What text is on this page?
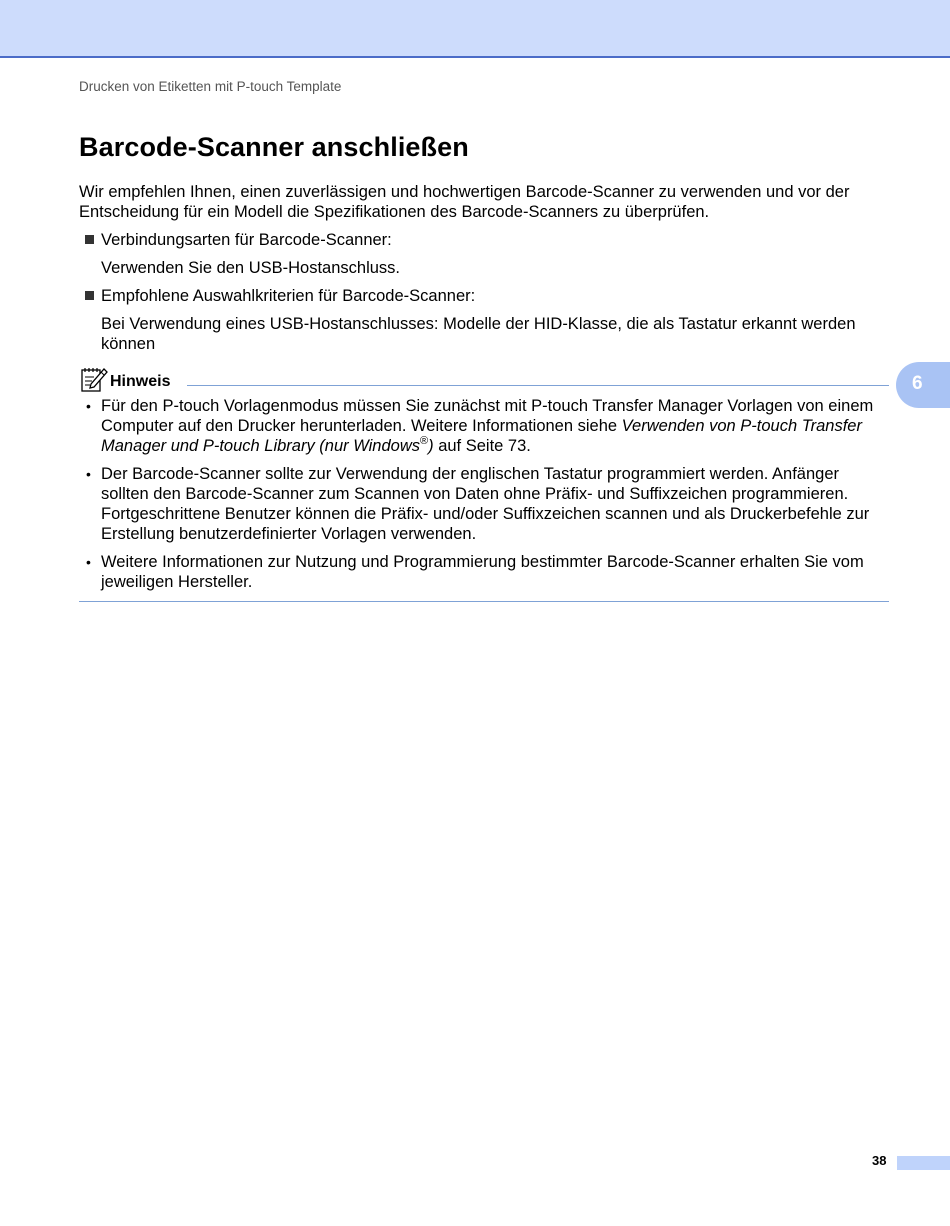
Drucken von Etiketten mit P-touch Template
Barcode-Scanner anschließen

Wir empfehlen Ihnen, einen zuverlässigen und hochwertigen Barcode-Scanner zu verwenden und vor der Entscheidung für ein Modell die Spezifikationen des Barcode-Scanners zu überprüfen.

Verbindungsarten für Barcode-Scanner:

Verwenden Sie den USB-Hostanschluss.

Empfohlene Auswahlkriterien für Barcode-Scanner:

Bei Verwendung eines USB-Hostanschlusses: Modelle der HID-Klasse, die als Tastatur erkannt werden können

Hinweis
• Für den P-touch Vorlagenmodus müssen Sie zunächst mit P-touch Transfer Manager Vorlagen von einem Computer auf den Drucker herunterladen. Weitere Informationen siehe Verwenden von P-touch Transfer Manager und P-touch Library (nur Windows®) auf Seite 73.
• Der Barcode-Scanner sollte zur Verwendung der englischen Tastatur programmiert werden. Anfänger sollten den Barcode-Scanner zum Scannen von Daten ohne Präfix- und Suffixzeichen programmieren. Fortgeschrittene Benutzer können die Präfix- und/oder Suffixzeichen scannen und als Druckerbefehle zur Erstellung benutzerdefinierter Vorlagen verwenden.
• Weitere Informationen zur Nutzung und Programmierung bestimmter Barcode-Scanner erhalten Sie vom jeweiligen Hersteller.
6
38
